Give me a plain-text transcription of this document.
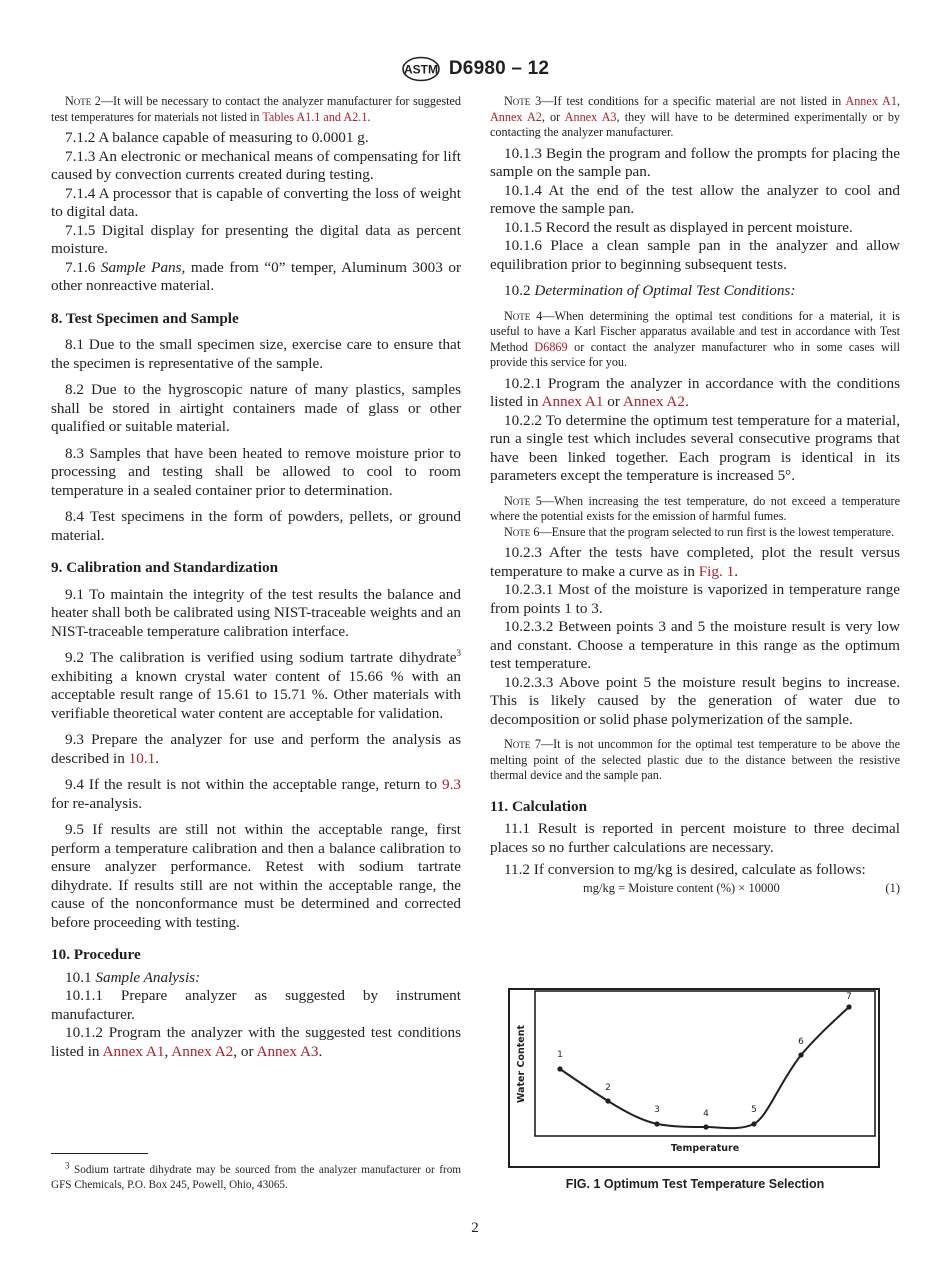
ASTM D6980 – 12

Note 2—It will be necessary to contact the analyzer manufacturer for suggested test temperatures for materials not listed in Tables A1.1 and A2.1.

7.1.2 A balance capable of measuring to 0.0001 g.

7.1.3 An electronic or mechanical means of compensating for lift caused by convection currents created during testing.

7.1.4 A processor that is capable of converting the loss of weight to digital data.

7.1.5 Digital display for presenting the digital data as percent moisture.

7.1.6 Sample Pans, made from “0” temper, Aluminum 3003 or other nonreactive material.

8. Test Specimen and Sample

8.1 Due to the small specimen size, exercise care to ensure that the specimen is representative of the sample.

8.2 Due to the hygroscopic nature of many plastics, samples shall be stored in airtight containers made of glass or other qualified or suitable material.

8.3 Samples that have been heated to remove moisture prior to processing and testing shall be allowed to cool to room temperature in a sealed container prior to determination.

8.4 Test specimens in the form of powders, pellets, or ground material.

9. Calibration and Standardization

9.1 To maintain the integrity of the test results the balance and heater shall both be calibrated using NIST-traceable weights and an NIST-traceable temperature calibration interface.

9.2 The calibration is verified using sodium tartrate dihydrate$^3$ exhibiting a known crystal water content of 15.66 % with an acceptable result range of 15.61 to 15.71 %. Other materials with verifiable theoretical water content are acceptable for validation.

9.3 Prepare the analyzer for use and perform the analysis as described in 10.1.

9.4 If the result is not within the acceptable range, return to 9.3 for re-analysis.

9.5 If results are still not within the acceptable range, first perform a temperature calibration and then a balance calibration to ensure analyzer performance. Retest with sodium tartrate dihydrate. If results still are not within the acceptable range, the cause of the nonconformance must be determined and corrected before proceeding with testing.

10. Procedure

10.1 Sample Analysis:

10.1.1 Prepare analyzer as suggested by instrument manufacturer.

10.1.2 Program the analyzer with the suggested test conditions listed in Annex A1, Annex A2, or Annex A3.

$^3$ Sodium tartrate dihydrate may be sourced from the analyzer manufacturer or from GFS Chemicals, P.O. Box 245, Powell, Ohio, 43065.

Note 3—If test conditions for a specific material are not listed in Annex A1, Annex A2, or Annex A3, they will have to be determined experimentally or by contacting the analyzer manufacturer.

10.1.3 Begin the program and follow the prompts for placing the sample on the sample pan.

10.1.4 At the end of the test allow the analyzer to cool and remove the sample pan.

10.1.5 Record the result as displayed in percent moisture.

10.1.6 Place a clean sample pan in the analyzer and allow equilibration prior to beginning subsequent tests.

10.2 Determination of Optimal Test Conditions:

Note 4—When determining the optimal test conditions for a material, it is useful to have a Karl Fischer apparatus available and test in accordance with Test Method D6869 or contact the analyzer manufacturer who in some cases will provide this service for you.

10.2.1 Program the analyzer in accordance with the conditions listed in Annex A1 or Annex A2.

10.2.2 To determine the optimum test temperature for a material, run a single test which includes several consecutive programs that have been linked together. Each program is identical in its parameters except the temperature is increased 5°.

Note 5—When increasing the test temperature, do not exceed a temperature where the potential exists for the emission of harmful fumes.

Note 6—Ensure that the program selected to run first is the lowest temperature.

10.2.3 After the tests have completed, plot the result versus temperature to make a curve as in Fig. 1.

10.2.3.1 Most of the moisture is vaporized in temperature range from points 1 to 3.

10.2.3.2 Between points 3 and 5 the moisture result is very low and constant. Choose a temperature in this range as the optimum test temperature.

10.2.3.3 Above point 5 the moisture result begins to increase. This is likely caused by the generation of water due to decomposition or solid phase polymerization of the sample.

Note 7—It is not uncommon for the optimal test temperature to be above the melting point of the selected plastic due to the distance between the resistive thermal device and the sample pan.

11. Calculation

11.1 Result is reported in percent moisture to three decimal places so no further calculations are necessary.

11.2 If conversion to mg/kg is desired, calculate as follows:

mg/kg = Moisture content (%) × 10000	(1)
Water Content
Temperature
1
2
3	4	5
6
7
FIG. 1 Optimum Test Temperature Selection
2
